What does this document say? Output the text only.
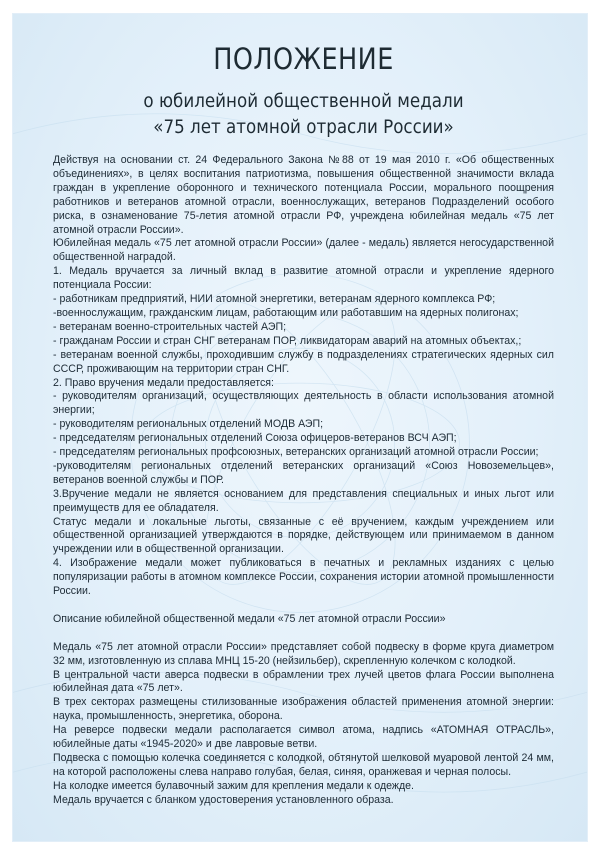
ПОЛОЖЕНИЕ
о юбилейной общественной медали
«75 лет атомной отрасли России»

Действуя на основании ст. 24 Федерального Закона №88 от 19 мая 2010 г. «Об общественных объединениях», в целях воспитания патриотизма, повышения общественной значимости вклада граждан в укрепление оборонного и технического потенциала России, морального поощрения работников и ветеранов атомной отрасли, военнослужащих, ветеранов Подразделений особого риска, в ознаменование 75-летия атомной отрасли РФ, учреждена юбилейная медаль «75 лет атомной отрасли России».

Юбилейная медаль «75 лет атомной отрасли России» (далее - медаль) является негосударственной общественной наградой.

1. Медаль вручается за личный вклад в развитие атомной отрасли и укрепление ядерного потенциала России:

- работникам предприятий, НИИ атомной энергетики, ветеранам ядерного комплекса РФ;

-военнослужащим, гражданским лицам, работающим или работавшим на ядерных полигонах;

- ветеранам военно-строительных частей АЭП;

- гражданам России и стран СНГ ветеранам ПОР, ликвидаторам аварий на атомных объектах,;

- ветеранам военной службы, проходившим службу в подразделениях стратегических ядерных сил СССР, проживающим на территории стран СНГ.

2. Право вручения медали предоставляется:

- руководителям организаций, осуществляющих деятельность в области использования атомной энергии;

- руководителям региональных отделений МОДВ АЭП;

- председателям региональных отделений Союза офицеров-ветеранов ВСЧ АЭП;

- председателям региональных профсоюзных, ветеранских организаций атомной отрасли России;

-руководителям региональных отделений ветеранских организаций «Союз Новоземельцев», ветеранов военной службы и ПОР.

3.Вручение медали не является основанием для представления специальных и иных льгот или преимуществ для ее обладателя.

Статус медали и локальные льготы, связанные с её вручением, каждым учреждением или общественной организацией утверждаются в порядке, действующем или принимаемом в данном учреждении или в общественной организации.

4. Изображение медали может публиковаться в печатных и рекламных изданиях с целью популяризации работы в атомном комплексе России, сохранения истории атомной промышленности России.

Описание юбилейной общественной медали «75 лет атомной отрасли России»

Медаль «75 лет атомной отрасли России» представляет собой подвеску в форме круга диаметром 32 мм, изготовленную из сплава МНЦ 15-20 (нейзильбер), скрепленную колечком с колодкой.

В центральной части аверса подвески в обрамлении трех лучей цветов флага России выполнена юбилейная дата «75 лет».

В трех секторах размещены стилизованные изображения областей применения атомной энергии: наука, промышленность, энергетика, оборона.

На реверсе подвески медали располагается символ атома, надпись «АТОМНАЯ ОТРАСЛЬ», юбилейные даты «1945-2020» и две лавровые ветви.

Подвеска с помощью колечка соединяется с колодкой, обтянутой шелковой муаровой лентой 24 мм, на которой расположены слева направо голубая, белая, синяя, оранжевая и черная полосы.

На колодке имеется булавочный зажим для крепления медали к одежде.

Медаль вручается с бланком удостоверения установленного образа.
